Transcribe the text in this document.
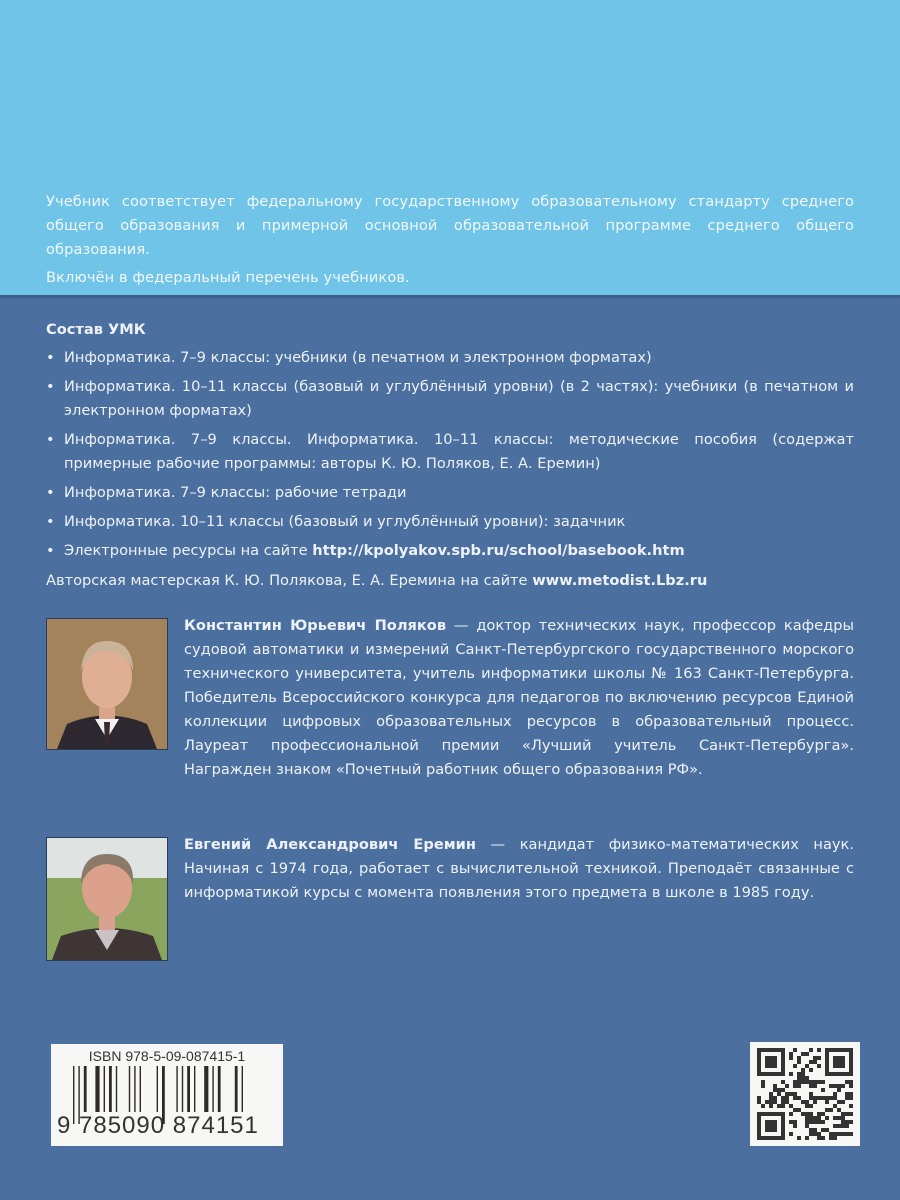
Учебник соответствует федеральному государственному образовательному стандарту среднего общего образования и примерной основной образовательной программе среднего общего образования.

Включён в федеральный перечень учебников.

Состав УМК
• Информатика. 7–9 классы: учебники (в печатном и электронном форматах)
• Информатика. 10–11 классы (базовый и углублённый уровни) (в 2 частях): учебники (в печатном и электронном форматах)
• Информатика. 7–9 классы. Информатика. 10–11 классы: методические пособия (содержат примерные рабочие программы: авторы К. Ю. Поляков, Е. А. Еремин)
• Информатика. 7–9 классы: рабочие тетради
• Информатика. 10–11 классы (базовый и углублённый уровни): задачник
• Электронные ресурсы на сайте http://kpolyakov.spb.ru/school/basebook.htm
Авторская мастерская К. Ю. Полякова, Е. А. Еремина на сайте www.metodist.Lbz.ru
Константин Юрьевич Поляков — доктор технических наук, профессор кафедры судовой автоматики и измерений Санкт-Петербургского государственного морского технического университета, учитель информатики школы № 163 Санкт-Петербурга. Победитель Всероссийского конкурса для педагогов по включению ресурсов Единой коллекции цифровых образовательных ресурсов в образовательный процесс. Лауреат профессиональной премии «Лучший учитель Санкт-Петербурга». Награжден знаком «Почетный работник общего образования РФ».
Евгений Александрович Еремин — кандидат физико-математических наук. Начиная с 1974 года, работает с вычислительной техникой. Преподаёт связанные с информатикой курсы с момента появления этого предмета в школе в 1985 году.
ISBN 978-5-09-087415-1
9 785090 874151
